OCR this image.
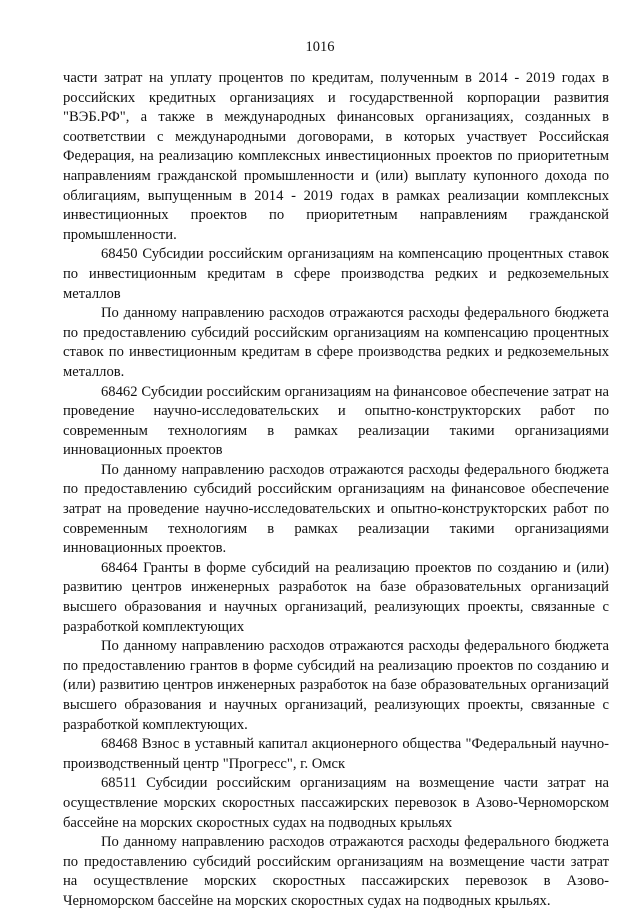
1016

части затрат на уплату процентов по кредитам, полученным в 2014 - 2019 годах в российских кредитных организациях и государственной корпорации развития "ВЭБ.РФ", а также в международных финансовых организациях, созданных в соответствии с международными договорами, в которых участвует Российская Федерация, на реализацию комплексных инвестиционных проектов по приоритетным направлениям гражданской промышленности и (или) выплату купонного дохода по облигациям, выпущенным в 2014 - 2019 годах в рамках реализации комплексных инвестиционных проектов по приоритетным направлениям гражданской промышленности.

68450 Субсидии российским организациям на компенсацию процентных ставок по инвестиционным кредитам в сфере производства редких и редкоземельных металлов

По данному направлению расходов отражаются расходы федерального бюджета по предоставлению субсидий российским организациям на компенсацию процентных ставок по инвестиционным кредитам в сфере производства редких и редкоземельных металлов.

68462 Субсидии российским организациям на финансовое обеспечение затрат на проведение научно-исследовательских и опытно-конструкторских работ по современным технологиям в рамках реализации такими организациями инновационных проектов

По данному направлению расходов отражаются расходы федерального бюджета по предоставлению субсидий российским организациям на финансовое обеспечение затрат на проведение научно-исследовательских и опытно-конструкторских работ по современным технологиям в рамках реализации такими организациями инновационных проектов.

68464 Гранты в форме субсидий на реализацию проектов по созданию и (или) развитию центров инженерных разработок на базе образовательных организаций высшего образования и научных организаций, реализующих проекты, связанные с разработкой комплектующих

По данному направлению расходов отражаются расходы федерального бюджета по предоставлению грантов в форме субсидий на реализацию проектов по созданию и (или) развитию центров инженерных разработок на базе образовательных организаций высшего образования и научных организаций, реализующих проекты, связанные с разработкой комплектующих.

68468 Взнос в уставный капитал акционерного общества "Федеральный научно-производственный центр "Прогресс", г. Омск

68511 Субсидии российским организациям на возмещение части затрат на осуществление морских скоростных пассажирских перевозок в Азово-Черноморском бассейне на морских скоростных судах на подводных крыльях

По данному направлению расходов отражаются расходы федерального бюджета по предоставлению субсидий российским организациям на возмещение части затрат на осуществление морских скоростных пассажирских перевозок в Азово-Черноморском бассейне на морских скоростных судах на подводных крыльях.
